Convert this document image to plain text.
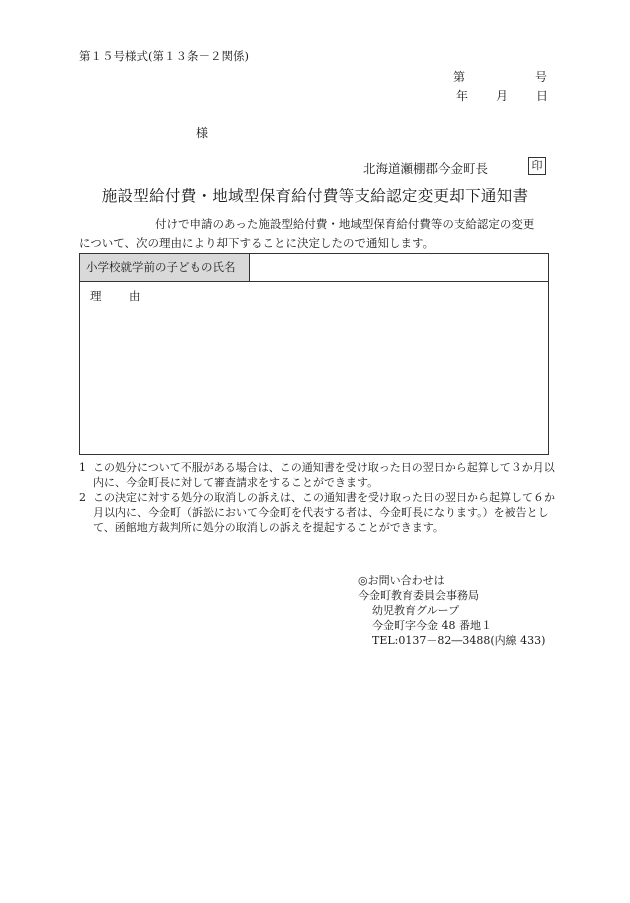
第１５号様式(第１３条－２関係)
第	号
年 月 日
様
北海道瀬棚郡今金町長	印
施設型給付費・地域型保育給付費等支給認定変更却下通知書
付けで申請のあった施設型給付費・地域型保育給付費等の支給認定の変更
について、次の理由により却下することに決定したので通知します。
小学校就学前の子どもの氏名
理　由
1 この処分について不服がある場合は、この通知書を受け取った日の翌日から起算して３か月以内に、今金町長に対して審査請求をすることができます。
2 この決定に対する処分の取消しの訴えは、この通知書を受け取った日の翌日から起算して６か月以内に、今金町（訴訟において今金町を代表する者は、今金町長になります。）を被告として、函館地方裁判所に処分の取消しの訴えを提起することができます。
◎お問い合わせは
今金町教育委員会事務局
幼児教育グループ
今金町字今金 48 番地１
TEL:0137－82―3488(内線 433)
